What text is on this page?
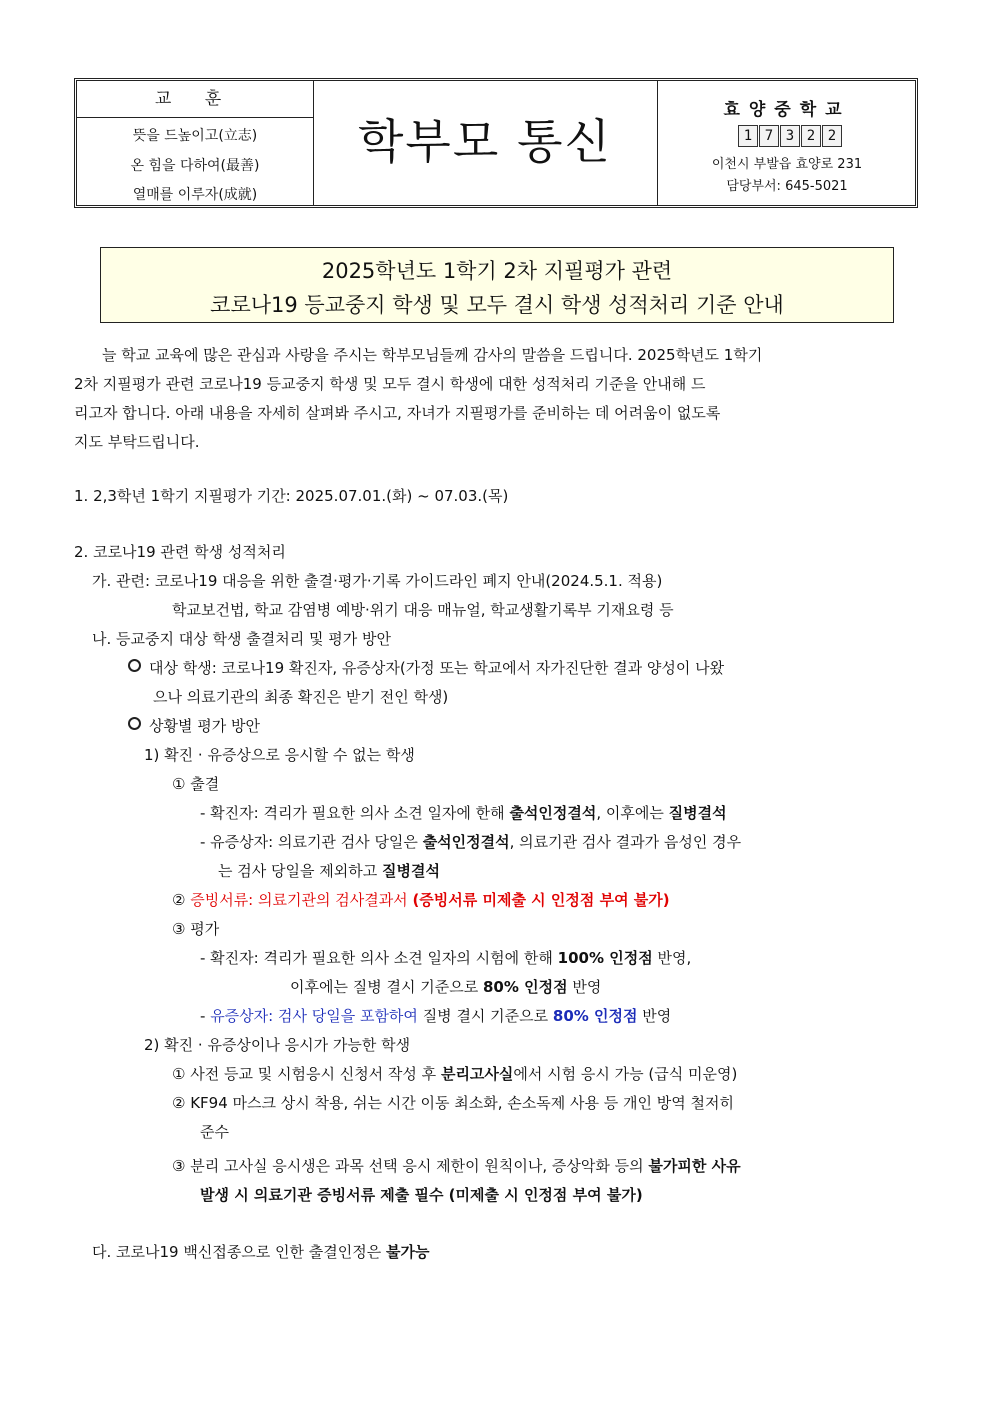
교 훈
뜻을 드높이고(立志)
온 힘을 다하여(最善)
열매를 이루자(成就)
학부모 통신
효양중학교
1 7 3 2 2
이천시 부발읍 효양로 231
담당부서: 645-5021
2025학년도 1학기 2차 지필평가 관련
코로나19 등교중지 학생 및 모두 결시 학생 성적처리 기준 안내
늘 학교 교육에 많은 관심과 사랑을 주시는 학부모님들께 감사의 말씀을 드립니다. 2025학년도 1학기
2차 지필평가 관련 코로나19 등교중지 학생 및 모두 결시 학생에 대한 성적처리 기준을 안내해 드
리고자 합니다. 아래 내용을 자세히 살펴봐 주시고, 자녀가 지필평가를 준비하는 데 어려움이 없도록
지도 부탁드립니다.
1. 2,3학년 1학기 지필평가 기간: 2025.07.01.(화) ~ 07.03.(목)
2. 코로나19 관련 학생 성적처리
가. 관련: 코로나19 대응을 위한 출결·평가·기록 가이드라인 폐지 안내(2024.5.1. 적용)
학교보건법, 학교 감염병 예방·위기 대응 매뉴얼, 학교생활기록부 기재요령 등
나. 등교중지 대상 학생 출결처리 및 평가 방안
대상 학생: 코로나19 확진자, 유증상자(가정 또는 학교에서 자가진단한 결과 양성이 나왔
으나 의료기관의 최종 확진은 받기 전인 학생)
상황별 평가 방안
1) 확진 · 유증상으로 응시할 수 없는 학생
① 출결
- 확진자: 격리가 필요한 의사 소견 일자에 한해 출석인정결석, 이후에는 질병결석
- 유증상자: 의료기관 검사 당일은 출석인정결석, 의료기관 검사 결과가 음성인 경우
는 검사 당일을 제외하고 질병결석
② 증빙서류: 의료기관의 검사결과서 (증빙서류 미제출 시 인정점 부여 불가)
③ 평가
- 확진자: 격리가 필요한 의사 소견 일자의 시험에 한해 100% 인정점 반영,
이후에는 질병 결시 기준으로 80% 인정점 반영
- 유증상자: 검사 당일을 포함하여 질병 결시 기준으로 80% 인정점 반영
2) 확진 · 유증상이나 응시가 가능한 학생
① 사전 등교 및 시험응시 신청서 작성 후 분리고사실에서 시험 응시 가능 (급식 미운영)
② KF94 마스크 상시 착용, 쉬는 시간 이동 최소화, 손소독제 사용 등 개인 방역 철저히
준수
③ 분리 고사실 응시생은 과목 선택 응시 제한이 원칙이나, 증상악화 등의 불가피한 사유
발생 시 의료기관 증빙서류 제출 필수 (미제출 시 인정점 부여 불가)
다. 코로나19 백신접종으로 인한 출결인정은 불가능
